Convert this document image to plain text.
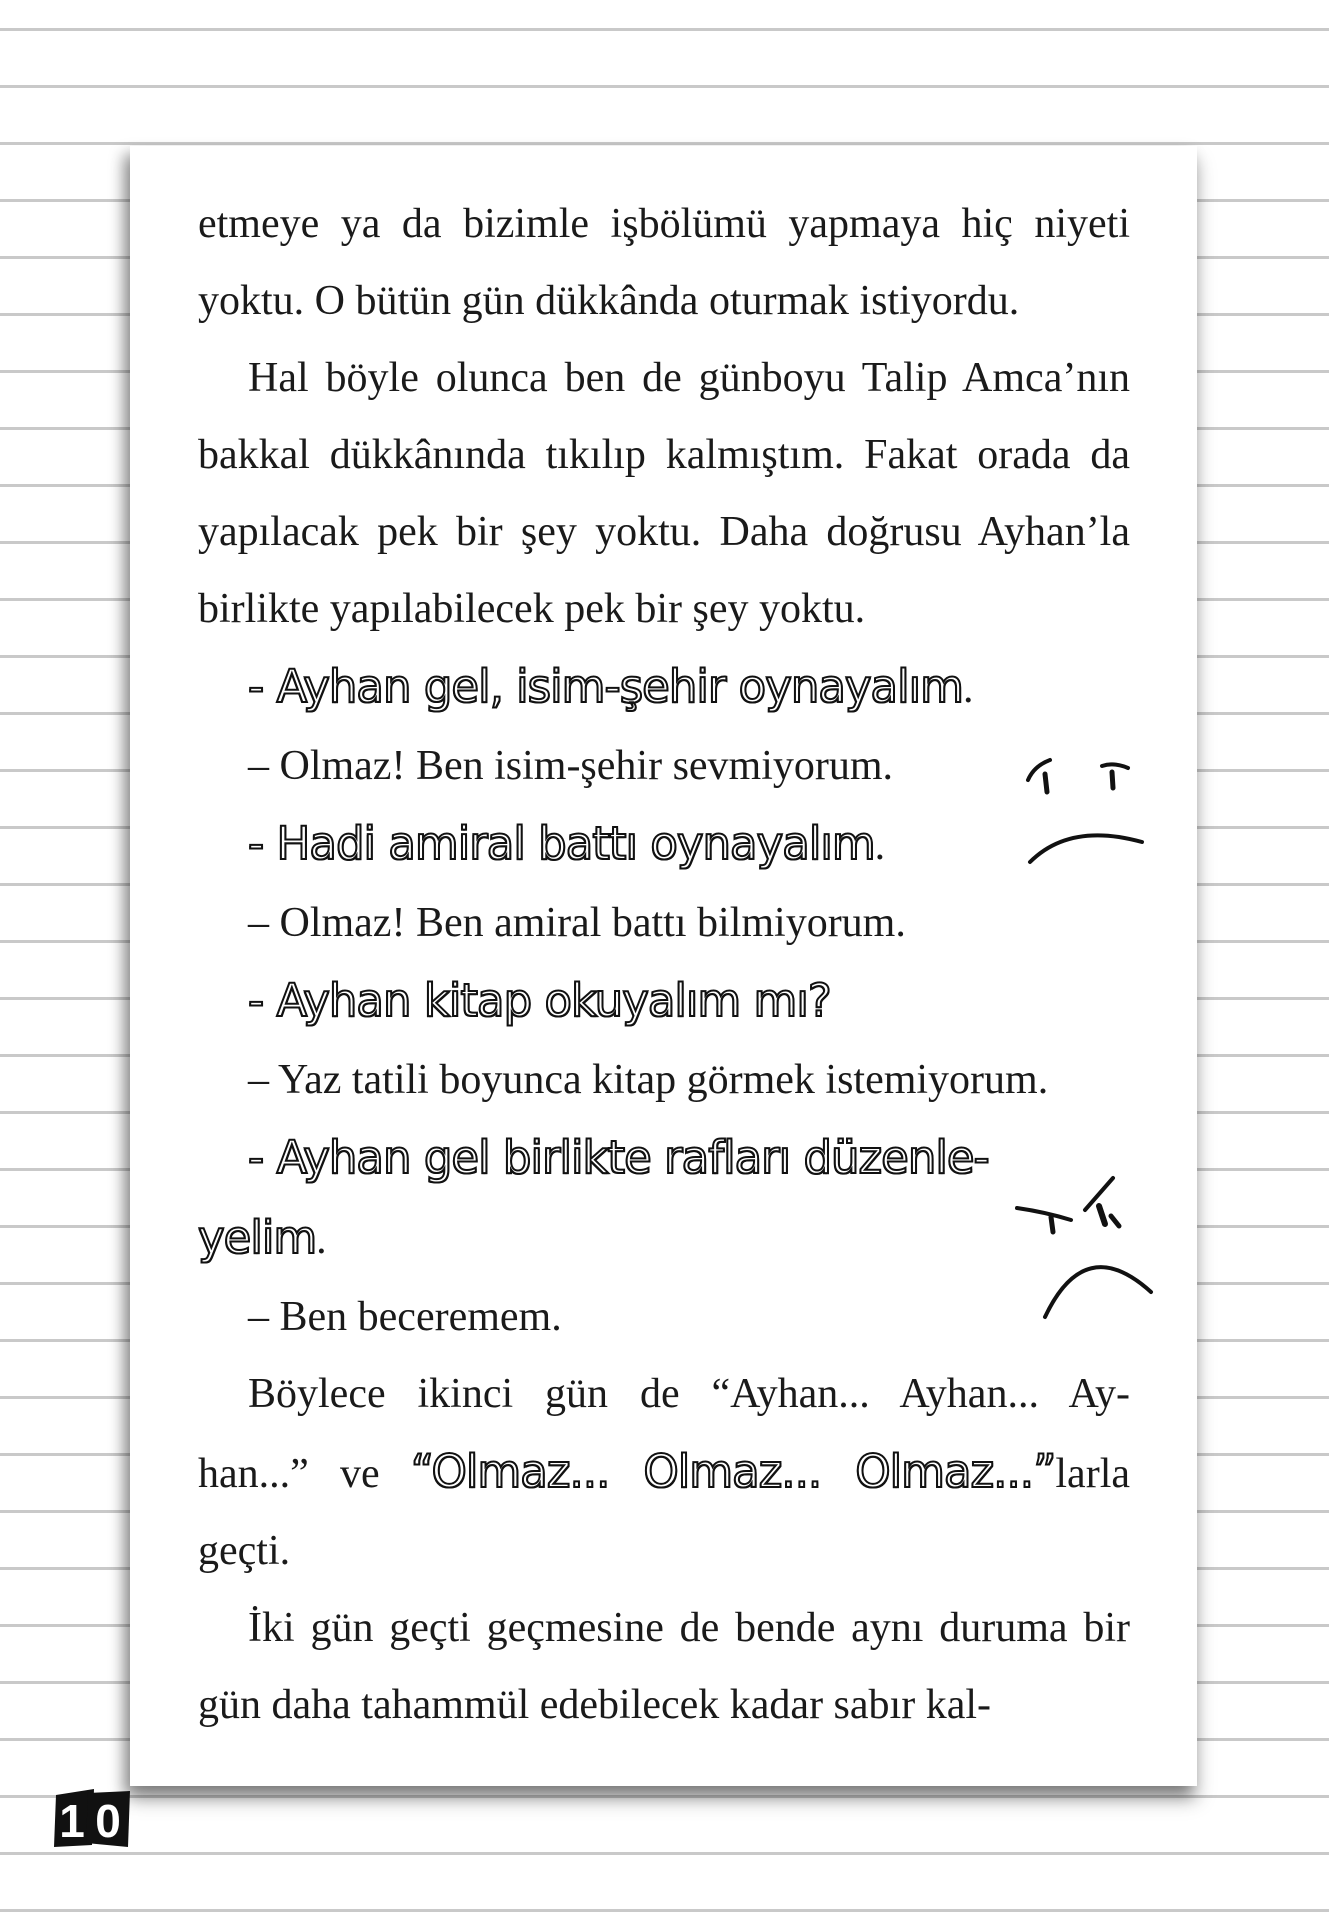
etmeye ya da bizimle işbölümü yapmaya hiç niyeti

yoktu. O bütün gün dükkânda oturmak istiyordu.

Hal böyle olunca ben de günboyu Talip Amca’nın bakkal dükkânında tıkılıp kalmıştım. Fakat orada da yapılacak pek bir şey yoktu. Daha doğrusu Ayhan’la birlikte yapılabilecek pek bir şey yoktu.

- Ayhan gel, isim-şehir oynayalım.

– Olmaz! Ben isim-şehir sevmiyorum.

- Hadi amiral battı oynayalım.

– Olmaz! Ben amiral battı bilmiyorum.

- Ayhan kitap okuyalım mı?

– Yaz tatili boyunca kitap görmek istemiyorum.

- Ayhan gel birlikte rafları düzenle-

yelim.

– Ben beceremem.

Böylece ikinci gün de “Ayhan... Ayhan... Ay-

han...” ve “Olmaz... Olmaz... Olmaz...”larla

geçti.

İki gün geçti geçmesine de bende aynı duruma bir gün daha tahammül edebilecek kadar sabır kal-

1 0
